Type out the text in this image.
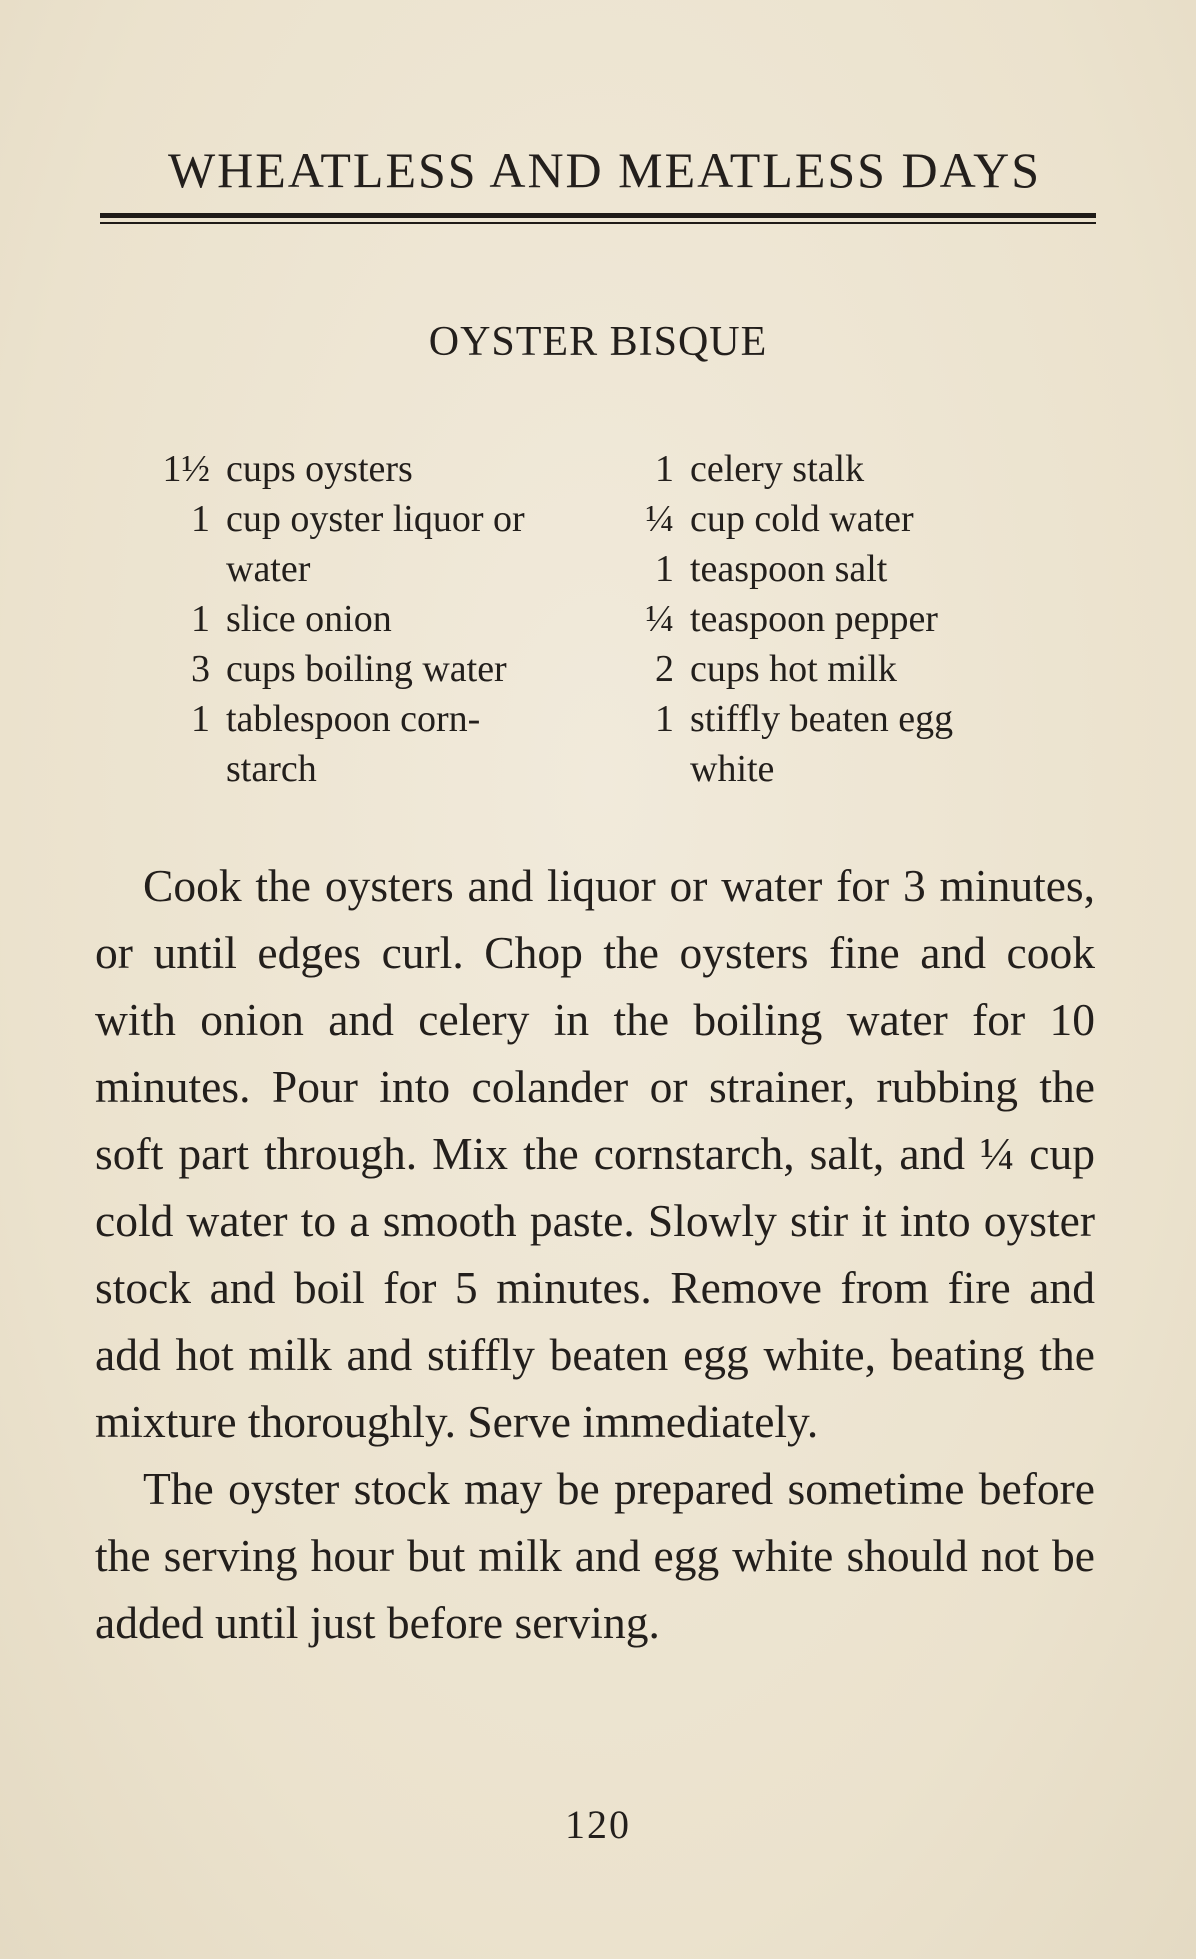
WHEATLESS AND MEATLESS DAYS
OYSTER BISQUE
1½ cups oysters
1 cup oyster liquor or
water
1 slice onion
3 cups boiling water
1 tablespoon corn-
starch
1 celery stalk
¼ cup cold water
1 teaspoon salt
¼ teaspoon pepper
2 cups hot milk
1 stiffly beaten egg
white

Cook the oysters and liquor or water for 3 minutes, or until edges curl. Chop the oysters fine and cook with onion and celery in the boiling water for 10 minutes. Pour into colander or strainer, rubbing the soft part through. Mix the cornstarch, salt, and ¼ cup cold water to a smooth paste. Slowly stir it into oyster stock and boil for 5 minutes. Remove from fire and add hot milk and stiffly beaten egg white, beating the mixture thoroughly. Serve immediately.

The oyster stock may be prepared sometime before the serving hour but milk and egg white should not be added until just before serving.

120
